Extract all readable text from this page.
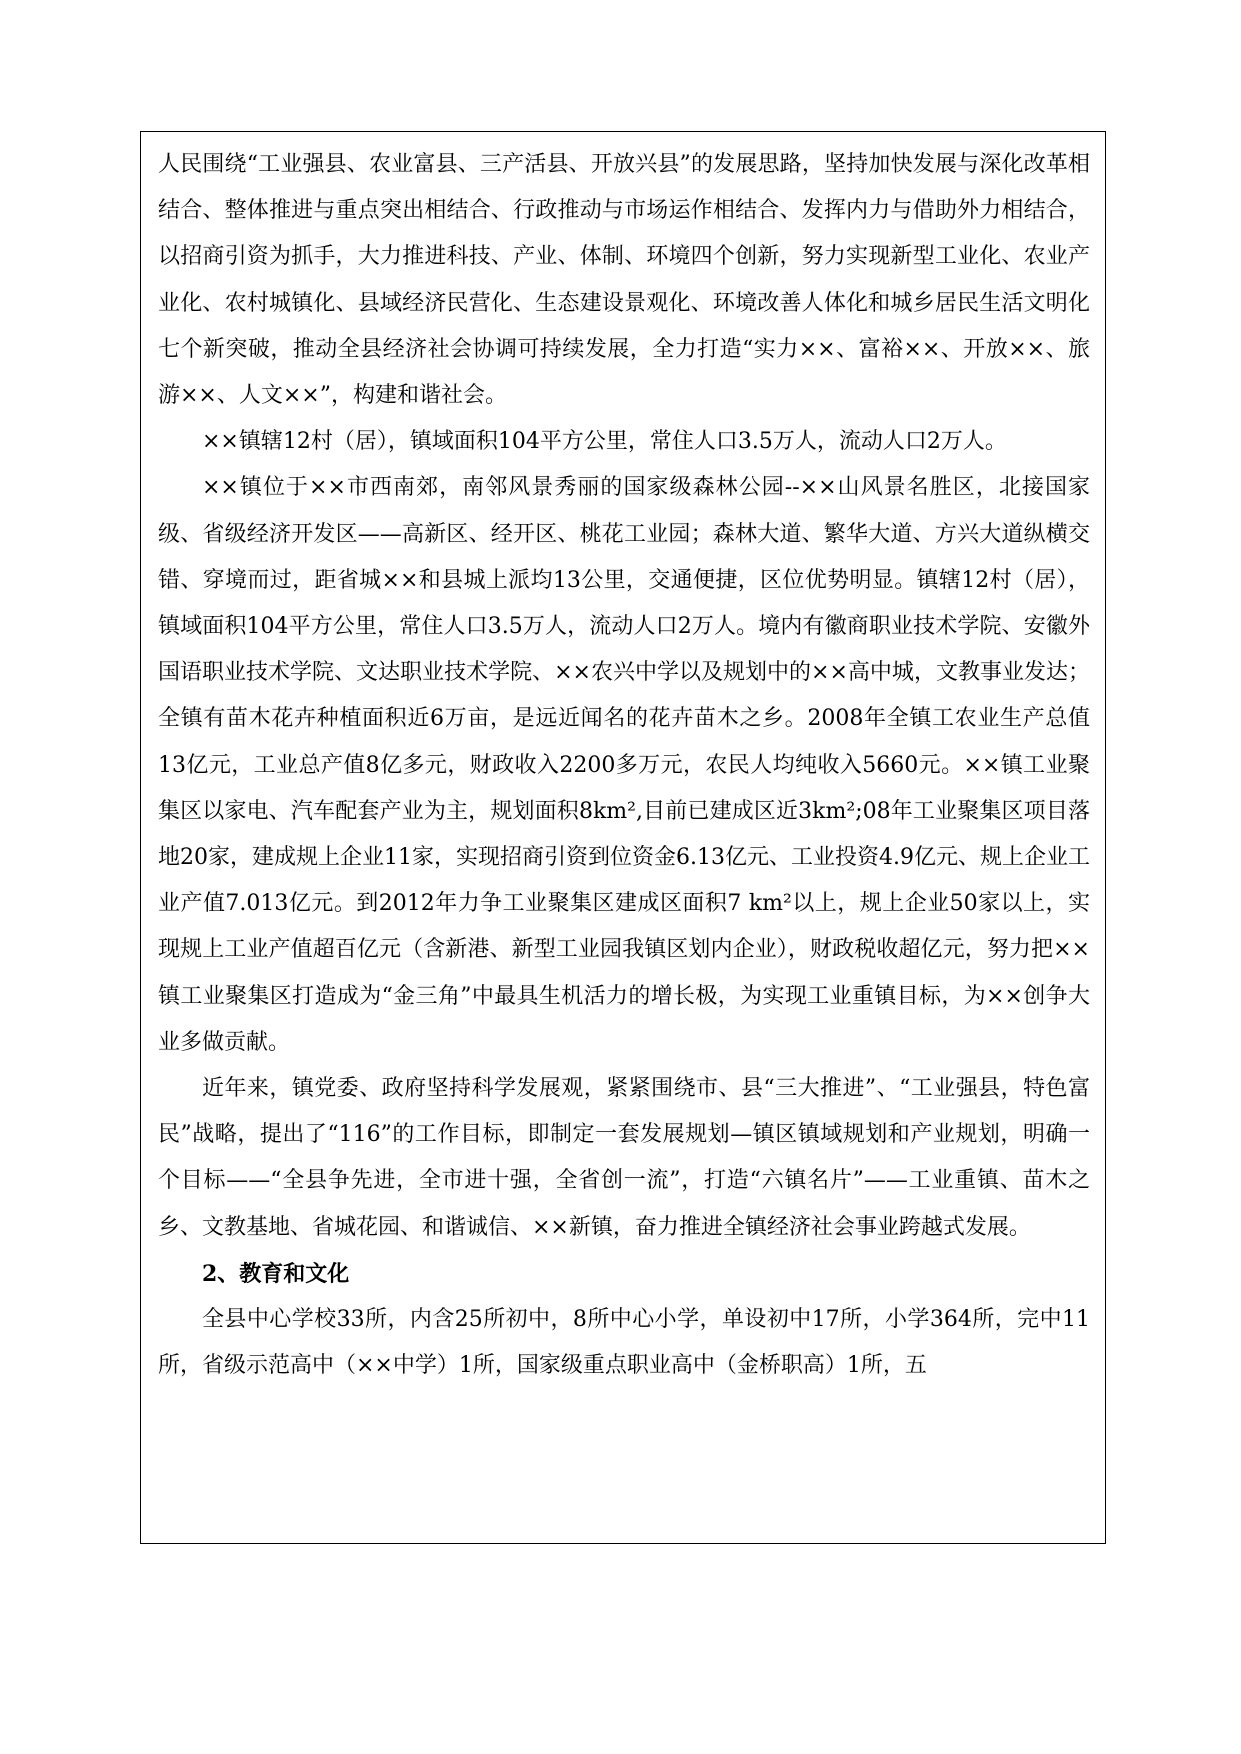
人民围绕“工业强县、农业富县、三产活县、开放兴县”的发展思路，坚持加快发展与深化改革相结合、整体推进与重点突出相结合、行政推动与市场运作相结合、发挥内力与借助外力相结合，以招商引资为抓手，大力推进科技、产业、体制、环境四个创新，努力实现新型工业化、农业产业化、农村城镇化、县域经济民营化、生态建设景观化、环境改善人体化和城乡居民生活文明化七个新突破，推动全县经济社会协调可持续发展，全力打造“实力××、富裕××、开放××、旅游××、人文××”，构建和谐社会。

××镇辖12村（居），镇域面积104平方公里，常住人口3.5万人，流动人口2万人。

××镇位于××市西南郊，南邻风景秀丽的国家级森林公园--××山风景名胜区，北接国家级、省级经济开发区——高新区、经开区、桃花工业园；森林大道、繁华大道、方兴大道纵横交错、穿境而过，距省城××和县城上派均13公里，交通便捷，区位优势明显。镇辖12村（居），镇域面积104平方公里，常住人口3.5万人，流动人口2万人。境内有徽商职业技术学院、安徽外国语职业技术学院、文达职业技术学院、××农兴中学以及规划中的××高中城，文教事业发达；全镇有苗木花卉种植面积近6万亩，是远近闻名的花卉苗木之乡。2008年全镇工农业生产总值13亿元，工业总产值8亿多元，财政收入2200多万元，农民人均纯收入5660元。××镇工业聚集区以家电、汽车配套产业为主，规划面积8km²,目前已建成区近3km²;08年工业聚集区项目落地20家，建成规上企业11家，实现招商引资到位资金6.13亿元、工业投资4.9亿元、规上企业工业产值7.013亿元。到2012年力争工业聚集区建成区面积7 km²以上，规上企业50家以上，实现规上工业产值超百亿元（含新港、新型工业园我镇区划内企业），财政税收超亿元，努力把××镇工业聚集区打造成为“金三角”中最具生机活力的增长极，为实现工业重镇目标，为××创争大业多做贡献。

近年来，镇党委、政府坚持科学发展观，紧紧围绕市、县“三大推进”、“工业强县，特色富民”战略，提出了“116”的工作目标，即制定一套发展规划—镇区镇域规划和产业规划，明确一个目标——“全县争先进，全市进十强，全省创一流”，打造“六镇名片”——工业重镇、苗木之乡、文教基地、省城花园、和谐诚信、××新镇，奋力推进全镇经济社会事业跨越式发展。

2、教育和文化

全县中心学校33所，内含25所初中，8所中心小学，单设初中17所，小学364所，完中11所，省级示范高中（××中学）1所，国家级重点职业高中（金桥职高）1所，五
